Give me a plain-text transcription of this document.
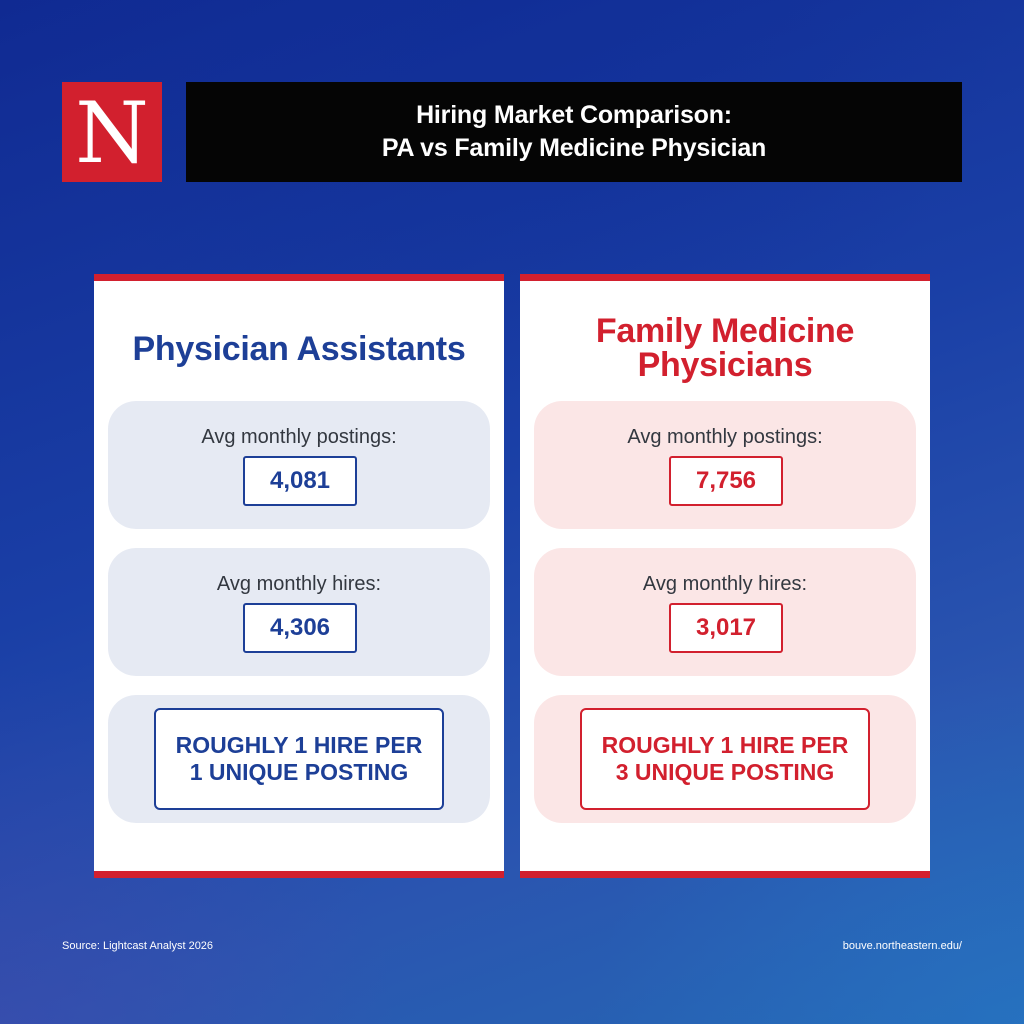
N	Hiring Market Comparison:
PA vs Family Medicine Physician
Physician Assistants
Avg monthly postings:
4,081
Avg monthly hires:
4,306
ROUGHLY 1 HIRE PER
1 UNIQUE POSTING
Family Medicine
Physicians
Avg monthly postings:
7,756
Avg monthly hires:
3,017
ROUGHLY 1 HIRE PER
3 UNIQUE POSTING
Source: Lightcast Analyst 2026	bouve.northeastern.edu/
